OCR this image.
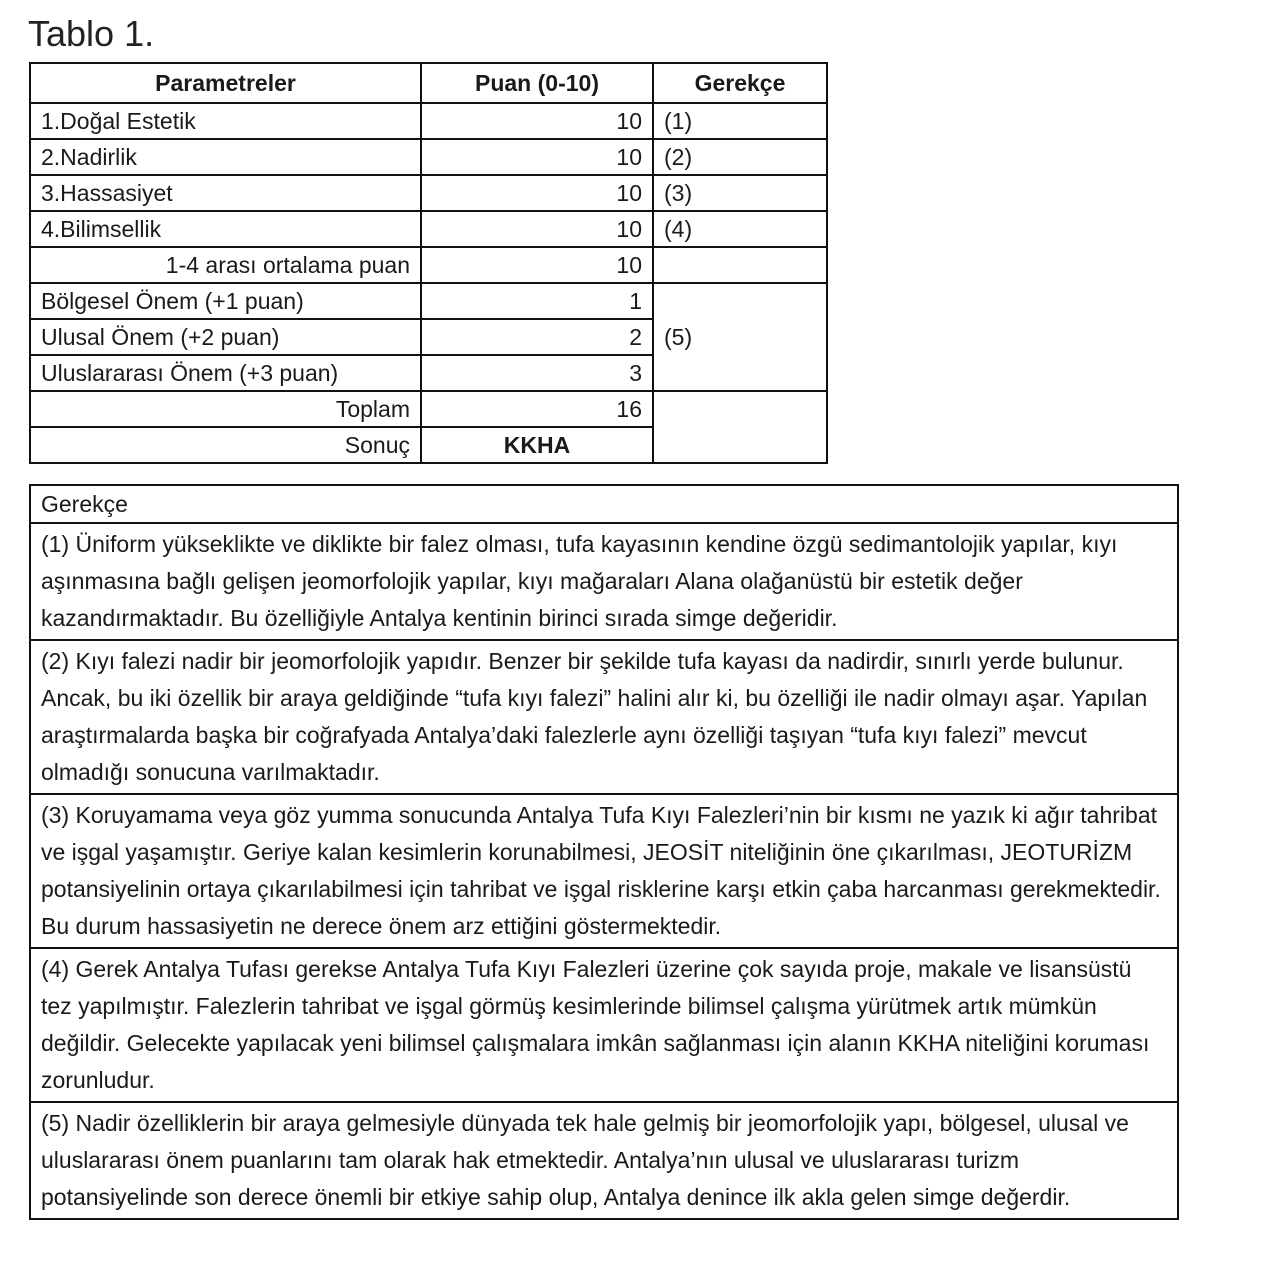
Tablo 1.
Parametreler	Puan (0-10)	Gerekçe
1.Doğal Estetik	10	(1)
2.Nadirlik	10	(2)
3.Hassasiyet	10	(3)
4.Bilimsellik	10	(4)
1-4 arası ortalama puan	10	
Bölgesel Önem (+1 puan)	1	(5)
Ulusal Önem (+2 puan)	2	
Uluslararası Önem (+3 puan)	3	
Toplam	16	
Sonuç	KKHA	
Gerekçe
(1) Üniform yükseklikte ve diklikte bir falez olması, tufa kayasının kendine özgü sedimantolojik yapılar, kıyı aşınmasına bağlı gelişen jeomorfolojik yapılar, kıyı mağaraları Alana olağanüstü bir estetik değer kazandırmaktadır. Bu özelliğiyle Antalya kentinin birinci sırada simge değeridir.
(2) Kıyı falezi nadir bir jeomorfolojik yapıdır. Benzer bir şekilde tufa kayası da nadirdir, sınırlı yerde bulunur. Ancak, bu iki özellik bir araya geldiğinde “tufa kıyı falezi” halini alır ki, bu özelliği ile nadir olmayı aşar. Yapılan araştırmalarda başka bir coğrafyada Antalya’daki falezlerle aynı özelliği taşıyan “tufa kıyı falezi” mevcut olmadığı sonucuna varılmaktadır.
(3) Koruyamama veya göz yumma sonucunda Antalya Tufa Kıyı Falezleri’nin bir kısmı ne yazık ki ağır tahribat ve işgal yaşamıştır. Geriye kalan kesimlerin korunabilmesi, JEOSİT niteliğinin öne çıkarılması, JEOTURİZM potansiyelinin ortaya çıkarılabilmesi için tahribat ve işgal risklerine karşı etkin çaba harcanması gerekmektedir. Bu durum hassasiyetin ne derece önem arz ettiğini göstermektedir.
(4) Gerek Antalya Tufası gerekse Antalya Tufa Kıyı Falezleri üzerine çok sayıda proje, makale ve lisansüstü tez yapılmıştır. Falezlerin tahribat ve işgal görmüş kesimlerinde bilimsel çalışma yürütmek artık mümkün değildir. Gelecekte yapılacak yeni bilimsel çalışmalara imkân sağlanması için alanın KKHA niteliğini koruması zorunludur.
(5) Nadir özelliklerin bir araya gelmesiyle dünyada tek hale gelmiş bir jeomorfolojik yapı, bölgesel, ulusal ve uluslararası önem puanlarını tam olarak hak etmektedir. Antalya’nın ulusal ve uluslararası turizm potansiyelinde son derece önemli bir etkiye sahip olup, Antalya denince ilk akla gelen simge değerdir.
